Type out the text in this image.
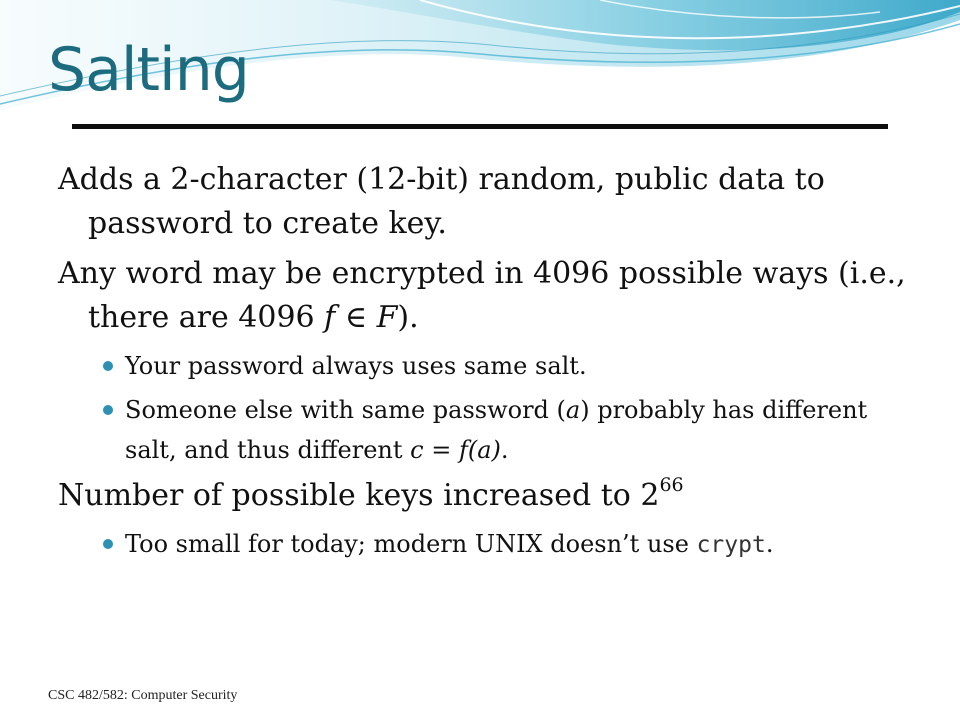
Salting

Adds a 2-character (12-bit) random, public data to password to create key.

Any word may be encrypted in 4096 possible ways (i.e., there are 4096 f ∈ F).

Your password always uses same salt.
Someone else with same password (a) probably has different salt, and thus different c = f(a).

Number of possible keys increased to $2^{66}$

Too small for today; modern UNIX doesn’t use crypt.
CSC 482/582: Computer Security
